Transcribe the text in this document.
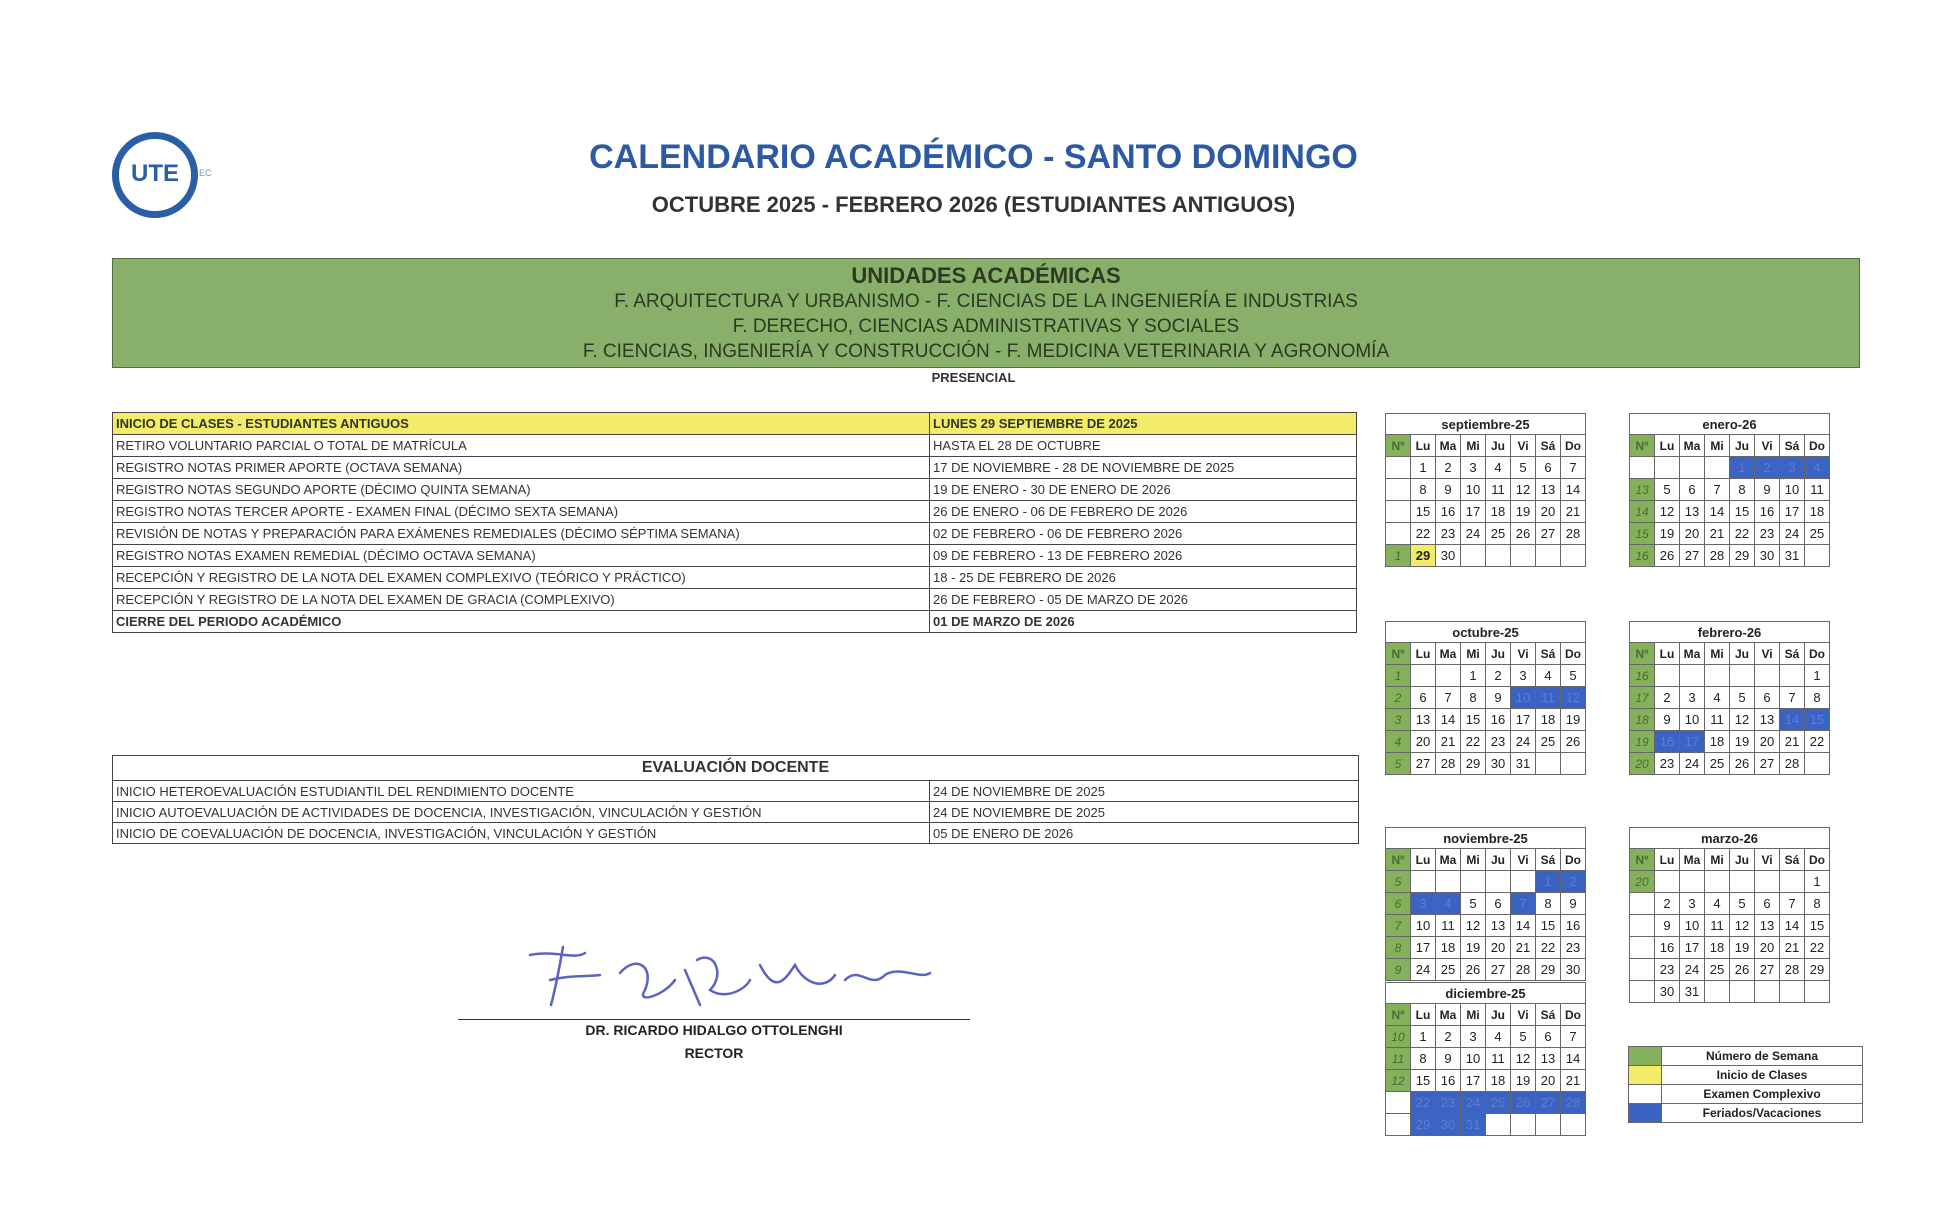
UTE	EC	CALENDARIO ACADÉMICO - SANTO DOMINGO
OCTUBRE 2025 - FEBRERO 2026 (ESTUDIANTES ANTIGUOS)
UNIDADES ACADÉMICAS
F. ARQUITECTURA Y URBANISMO - F. CIENCIAS DE LA INGENIERÍA E INDUSTRIAS
F. DERECHO, CIENCIAS ADMINISTRATIVAS Y SOCIALES
F. CIENCIAS, INGENIERÍA Y CONSTRUCCIÓN - F. MEDICINA VETERINARIA Y AGRONOMÍA
PRESENCIAL
INICIO DE CLASES - ESTUDIANTES ANTIGUOS	LUNES 29 SEPTIEMBRE DE 2025
RETIRO VOLUNTARIO PARCIAL O TOTAL DE MATRÍCULA	HASTA EL 28 DE OCTUBRE
REGISTRO NOTAS PRIMER APORTE (OCTAVA SEMANA)	17 DE NOVIEMBRE - 28 DE NOVIEMBRE DE 2025
REGISTRO NOTAS SEGUNDO APORTE (DÉCIMO QUINTA SEMANA)	19 DE ENERO - 30 DE ENERO DE 2026
REGISTRO NOTAS TERCER APORTE - EXAMEN FINAL (DÉCIMO SEXTA SEMANA)	26 DE ENERO - 06 DE FEBRERO DE 2026
REVISIÓN DE NOTAS Y PREPARACIÓN PARA EXÁMENES REMEDIALES (DÉCIMO SÉPTIMA SEMANA)	02 DE FEBRERO - 06 DE FEBRERO 2026
REGISTRO NOTAS EXAMEN REMEDIAL (DÉCIMO OCTAVA SEMANA)	09 DE FEBRERO - 13 DE FEBRERO 2026
RECEPCIÓN Y REGISTRO DE LA NOTA DEL EXAMEN COMPLEXIVO (TEÓRICO Y PRÁCTICO)	18 - 25 DE FEBRERO DE 2026
RECEPCIÓN Y REGISTRO DE LA NOTA DEL EXAMEN DE GRACIA (COMPLEXIVO)	26 DE FEBRERO - 05 DE MARZO DE 2026
CIERRE DEL PERIODO ACADÉMICO	01 DE MARZO DE 2026
EVALUACIÓN DOCENTE	
INICIO HETEROEVALUACIÓN ESTUDIANTIL DEL RENDIMIENTO DOCENTE	24 DE NOVIEMBRE DE 2025
INICIO AUTOEVALUACIÓN DE ACTIVIDADES DE DOCENCIA, INVESTIGACIÓN, VINCULACIÓN Y GESTIÓN	24 DE NOVIEMBRE DE 2025
INICIO DE COEVALUACIÓN DE DOCENCIA, INVESTIGACIÓN, VINCULACIÓN Y GESTIÓN	05 DE ENERO DE 2026
DR. RICARDO HIDALGO OTTOLENGHI
RECTOR
septiembre-25							
Nº	Lu	Ma	Mi	Ju	Vi	Sá	Do
	1	2	3	4	5	6	7
	8	9	10	11	12	13	14
	15	16	17	18	19	20	21
	22	23	24	25	26	27	28
1	29	30					
octubre-25							
Nº	Lu	Ma	Mi	Ju	Vi	Sá	Do
1			1	2	3	4	5
2	6	7	8	9	10	11	12
3	13	14	15	16	17	18	19
4	20	21	22	23	24	25	26
5	27	28	29	30	31		
noviembre-25							
Nº	Lu	Ma	Mi	Ju	Vi	Sá	Do
5						1	2
6	3	4	5	6	7	8	9
7	10	11	12	13	14	15	16
8	17	18	19	20	21	22	23
9	24	25	26	27	28	29	30
diciembre-25							
Nº	Lu	Ma	Mi	Ju	Vi	Sá	Do
10	1	2	3	4	5	6	7
11	8	9	10	11	12	13	14
12	15	16	17	18	19	20	21
	22	23	24	25	26	27	28
	29	30	31				
enero-26							
Nº	Lu	Ma	Mi	Ju	Vi	Sá	Do
				1	2	3	4
13	5	6	7	8	9	10	11
14	12	13	14	15	16	17	18
15	19	20	21	22	23	24	25
16	26	27	28	29	30	31	
febrero-26							
Nº	Lu	Ma	Mi	Ju	Vi	Sá	Do
16							1
17	2	3	4	5	6	7	8
18	9	10	11	12	13	14	15
19	16	17	18	19	20	21	22
20	23	24	25	26	27	28	
marzo-26							
Nº	Lu	Ma	Mi	Ju	Vi	Sá	Do
20							1
	2	3	4	5	6	7	8
	9	10	11	12	13	14	15
	16	17	18	19	20	21	22
	23	24	25	26	27	28	29
	30	31					
	Número de Semana
	Inicio de Clases
	Examen Complexivo
	Feriados/Vacaciones
